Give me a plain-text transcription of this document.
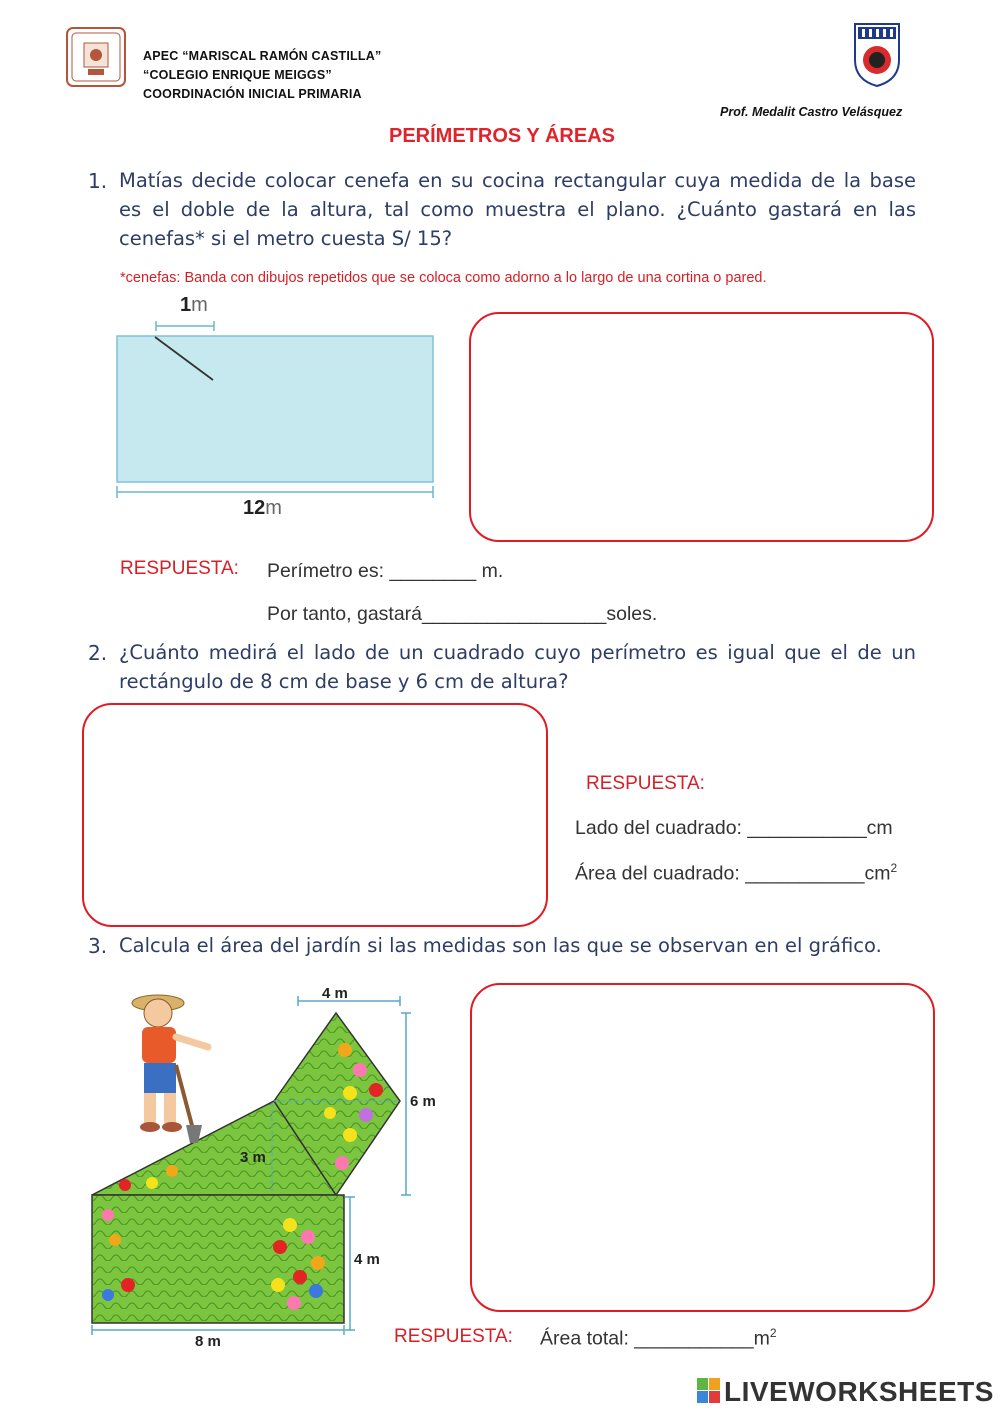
APEC “MARISCAL RAMÓN CASTILLA”
“COLEGIO ENRIQUE MEIGGS”
COORDINACIÓN INICIAL PRIMARIA
Prof. Medalit Castro Velásquez
PERÍMETROS Y ÁREAS
1. Matías decide colocar cenefa en su cocina rectangular cuya medida de la base es el doble de la altura, tal como muestra el plano. ¿Cuánto gastará en las cenefas* si el metro cuesta S/ 15?
*cenefas: Banda con dibujos repetidos que se coloca como adorno a lo largo de una cortina o pared.
1m
12m
RESPUESTA: Perímetro es: ________ m.
Por tanto, gastará_________________soles.
2. ¿Cuánto medirá el lado de un cuadrado cuyo perímetro es igual que el de un rectángulo de 8 cm de base y 6 cm de altura?
RESPUESTA:
Lado del cuadrado: ___________cm
Área del cuadrado: $\_\_\_\_\_\_\_\_\_\_\_cm^2$
3. Calcula el área del jardín si las medidas son las que se observan en el gráfico.
4 m
6 m
3 m
4 m
8 m	RESPUESTA: Área total: $\_\_\_\_\_\_\_\_\_\_\_m^2$
LIVEWORKSHEETS
